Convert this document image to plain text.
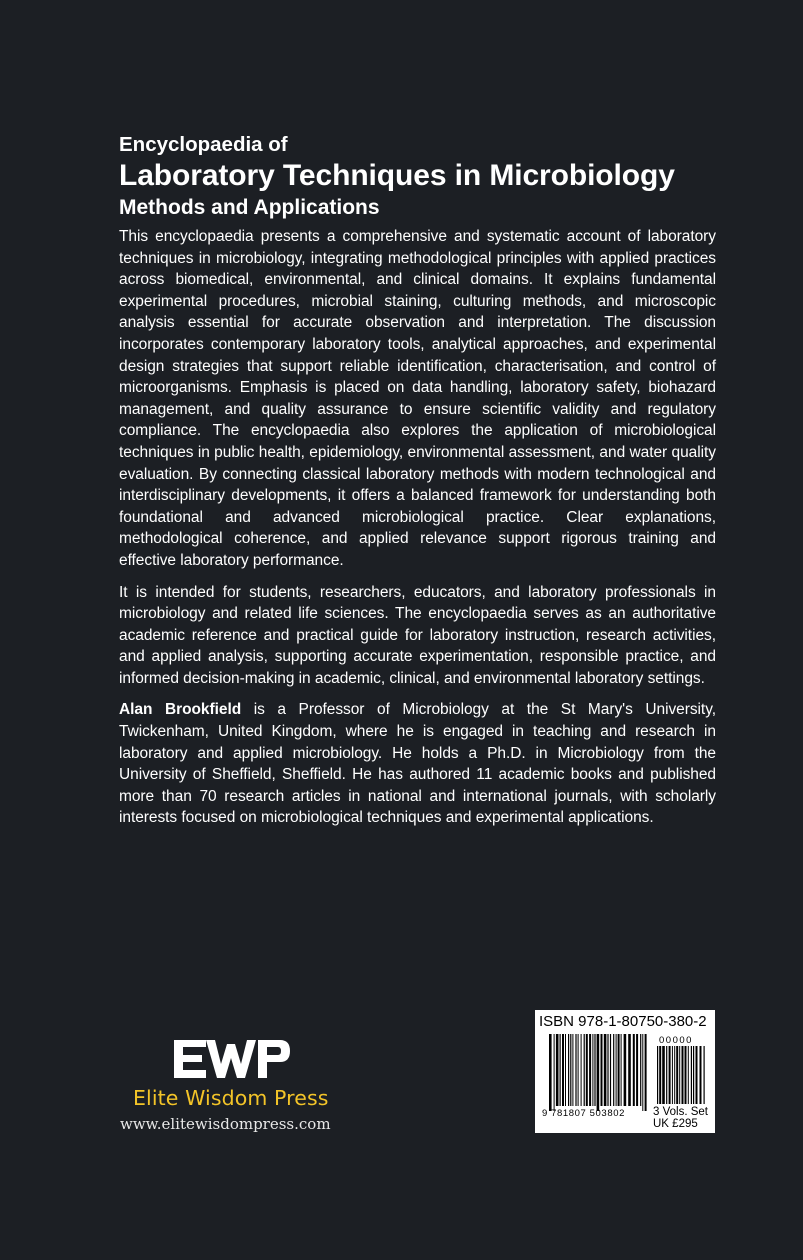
Encyclopaedia of
Laboratory Techniques in Microbiology
Methods and Applications

This encyclopaedia presents a comprehensive and systematic account of laboratory techniques in microbiology, integrating methodological principles with applied practices across biomedical, environmental, and clinical domains. It explains fundamental experimental procedures, microbial staining, culturing methods, and microscopic analysis essential for accurate observation and interpretation. The discussion incorporates contemporary laboratory tools, analytical approaches, and experimental design strategies that support reliable identification, characterisation, and control of microorganisms. Emphasis is placed on data handling, laboratory safety, biohazard management, and quality assurance to ensure scientific validity and regulatory compliance. The encyclopaedia also explores the application of microbiological techniques in public health, epidemiology, environmental assessment, and water quality evaluation. By connecting classical laboratory methods with modern technological and interdisciplinary developments, it offers a balanced framework for understanding both foundational and advanced microbiological practice. Clear explanations, methodological coherence, and applied relevance support rigorous training and effective laboratory performance.

It is intended for students, researchers, educators, and laboratory professionals in microbiology and related life sciences. The encyclopaedia serves as an authoritative academic reference and practical guide for laboratory instruction, research activities, and applied analysis, supporting accurate experimentation, responsible practice, and informed decision-making in academic, clinical, and environmental laboratory settings.

Alan Brookfield is a Professor of Microbiology at the St Mary's University, Twickenham, United Kingdom, where he is engaged in teaching and research in laboratory and applied microbiology. He holds a Ph.D. in Microbiology from the University of Sheffield, Sheffield. He has authored 11 academic books and published more than 70 research articles in national and international journals, with scholarly interests focused on microbiological techniques and experimental applications.

Elite Wisdom Press
www.elitewisdompress.com
ISBN 978-1-80750-380-2
9 781807 503802
00000
3 Vols. Set
UK £295
